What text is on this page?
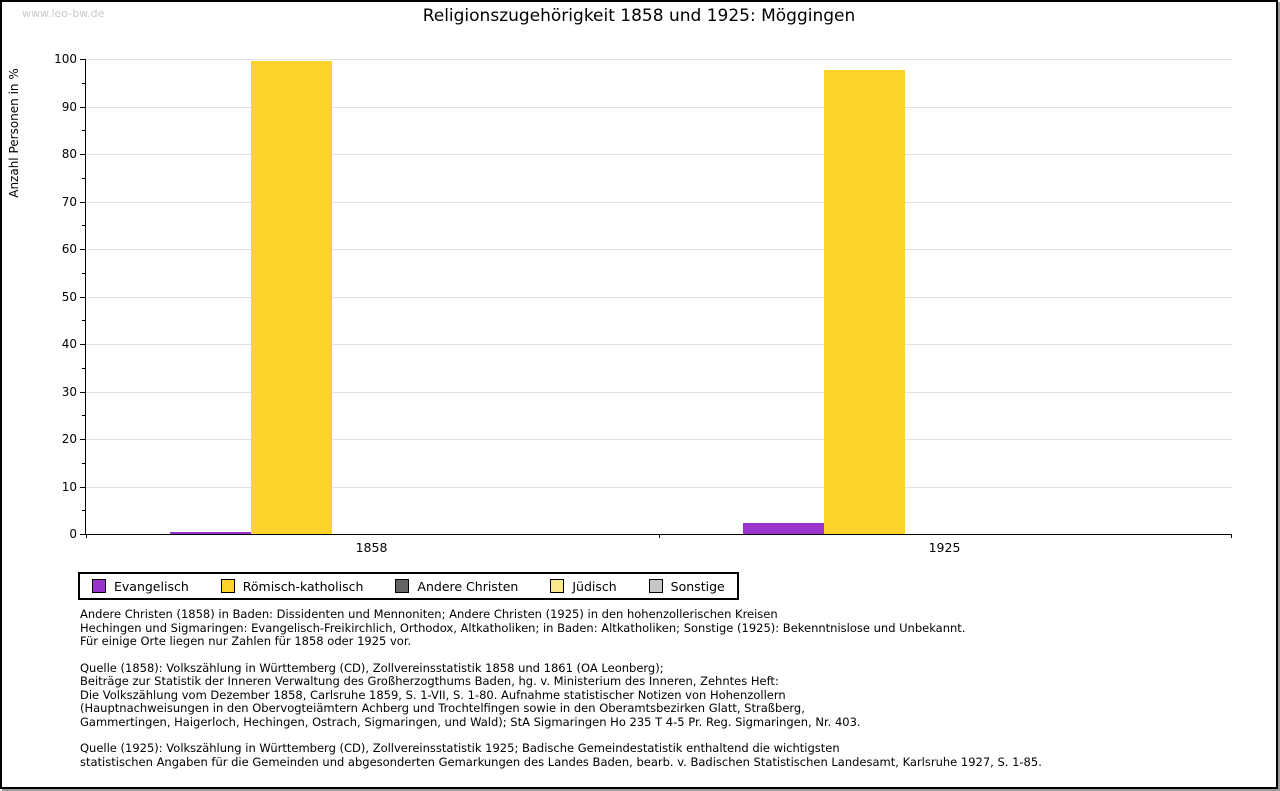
www.leo-bw.de	Religionszugehörigkeit 1858 und 1925: Möggingen
Anzahl Personen in %
0
10
20
30
40
50
60
70
80
90
100
1858	1925
Evangelisch	Römisch-katholisch	Andere Christen	Jüdisch	Sonstige
Andere Christen (1858) in Baden: Dissidenten und Mennoniten; Andere Christen (1925) in den hohenzollerischen Kreisen
Hechingen und Sigmaringen: Evangelisch-Freikirchlich, Orthodox, Altkatholiken; in Baden: Altkatholiken; Sonstige (1925): Bekenntnislose und Unbekannt.
Für einige Orte liegen nur Zahlen für 1858 oder 1925 vor.
Quelle (1858): Volkszählung in Württemberg (CD), Zollvereinsstatistik 1858 und 1861 (OA Leonberg);
Beiträge zur Statistik der Inneren Verwaltung des Großherzogthums Baden, hg. v. Ministerium des Inneren, Zehntes Heft:
Die Volkszählung vom Dezember 1858, Carlsruhe 1859, S. 1-VII, S. 1-80. Aufnahme statistischer Notizen von Hohenzollern
(Hauptnachweisungen in den Obervogteiämtern Achberg und Trochtelfingen sowie in den Oberamtsbezirken Glatt, Straßberg,
Gammertingen, Haigerloch, Hechingen, Ostrach, Sigmaringen, und Wald); StA Sigmaringen Ho 235 T 4-5 Pr. Reg. Sigmaringen, Nr. 403.
Quelle (1925): Volkszählung in Württemberg (CD), Zollvereinsstatistik 1925; Badische Gemeindestatistik enthaltend die wichtigsten
statistischen Angaben für die Gemeinden und abgesonderten Gemarkungen des Landes Baden, bearb. v. Badischen Statistischen Landesamt, Karlsruhe 1927, S. 1-85.
